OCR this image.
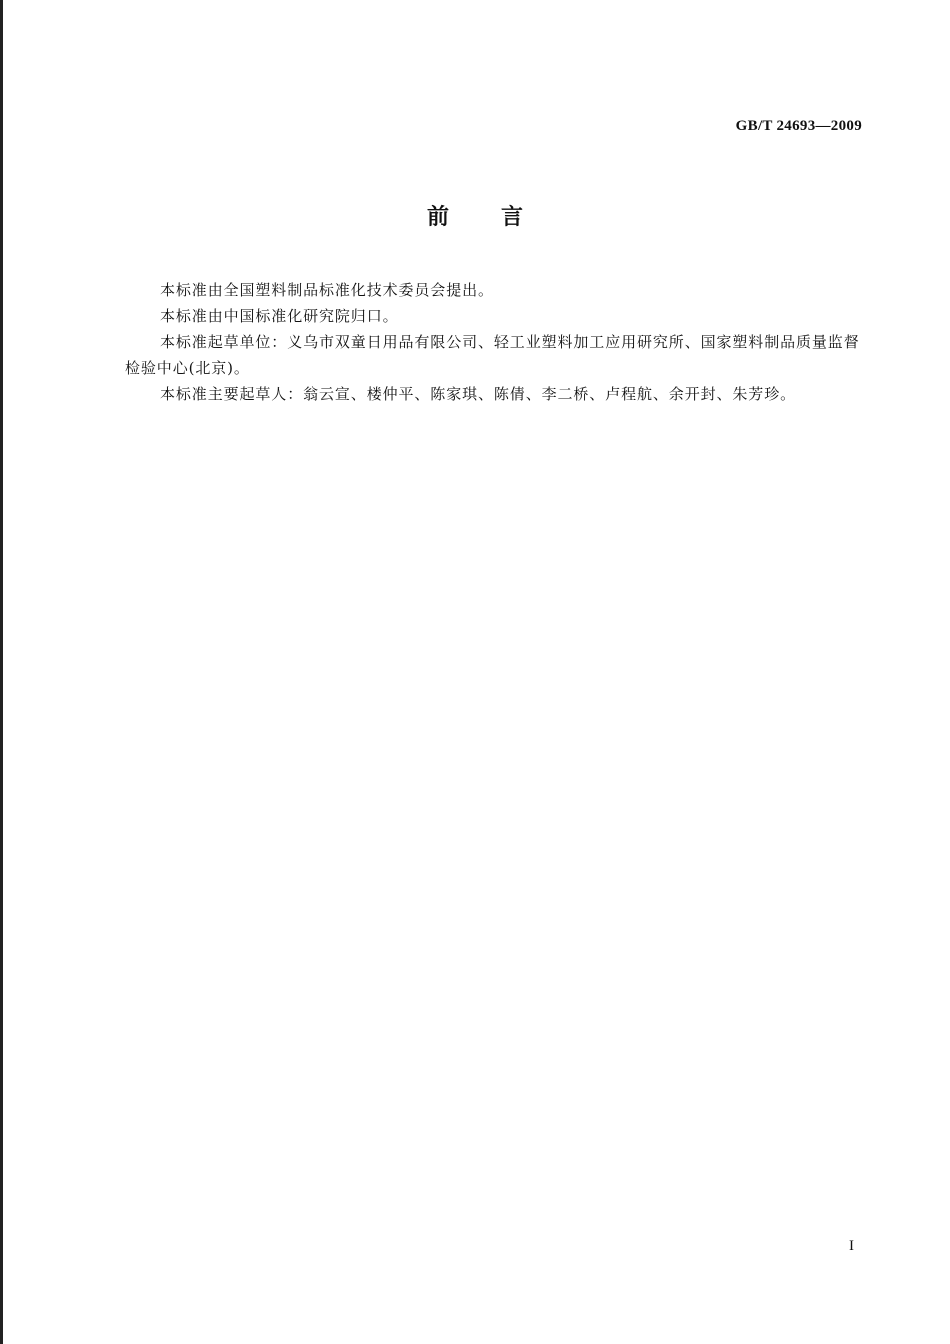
GB/T 24693—2009
前 言

本标准由全国塑料制品标准化技术委员会提出。

本标准由中国标准化研究院归口。

本标准起草单位：义乌市双童日用品有限公司、轻工业塑料加工应用研究所、国家塑料制品质量监督检验中心(北京)。

本标准主要起草人：翁云宣、楼仲平、陈家琪、陈倩、李二桥、卢程航、余开封、朱芳珍。

I
